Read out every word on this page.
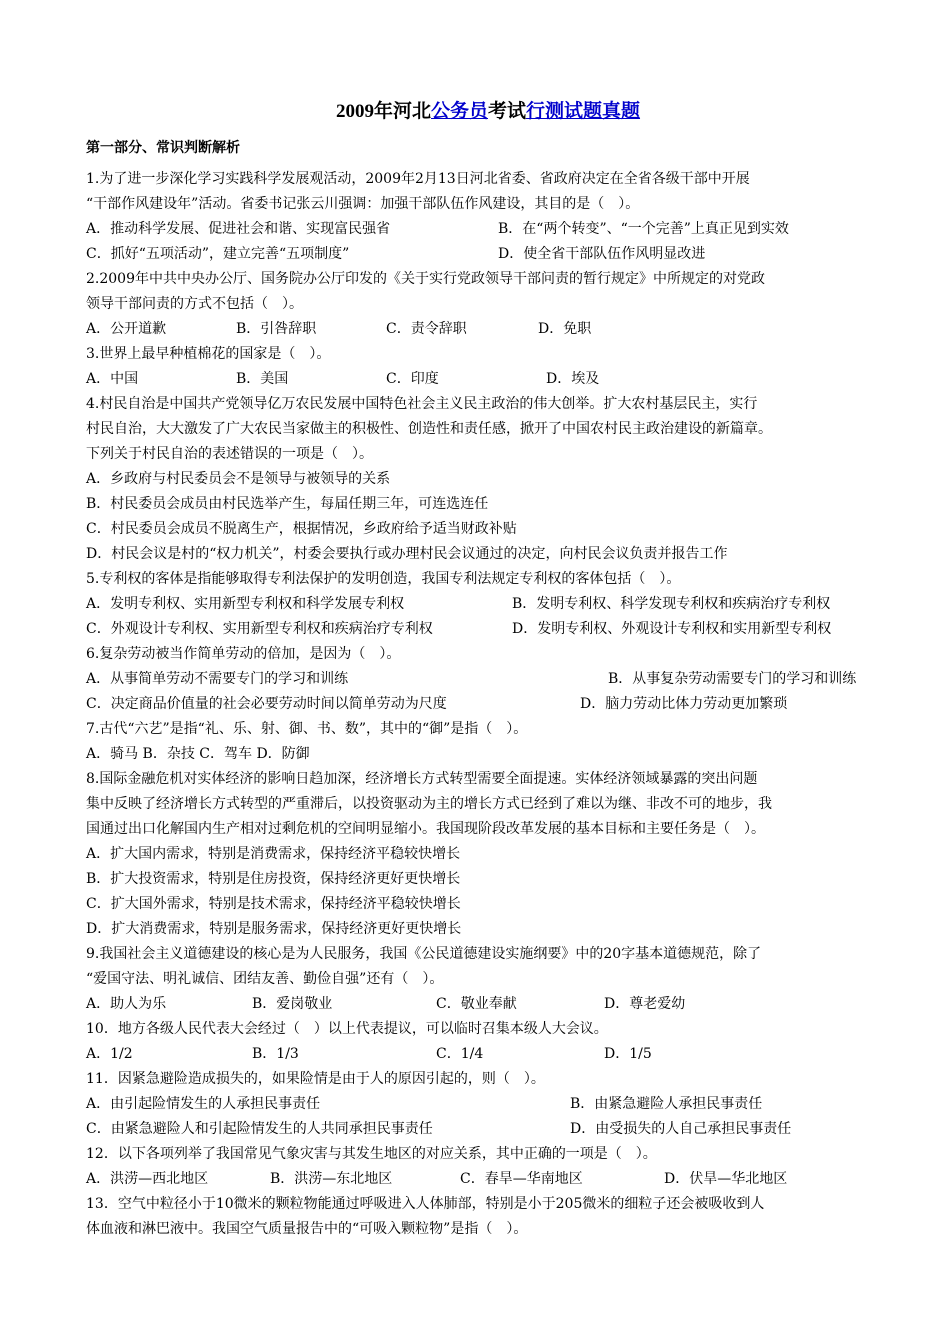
2009年河北公务员考试行测试题真题
第一部分、常识判断解析
1.为了进一步深化学习实践科学发展观活动，2009年2月13日河北省委、省政府决定在全省各级干部中开展
“干部作风建设年”活动。省委书记张云川强调：加强干部队伍作风建设，其目的是（　）。
A．推动科学发展、促进社会和谐、实现富民强省	B．在“两个转变”、“一个完善”上真正见到实效
C．抓好“五项活动”，建立完善“五项制度”	D．使全省干部队伍作风明显改进
2.2009年中共中央办公厅、国务院办公厅印发的《关于实行党政领导干部问责的暂行规定》中所规定的对党政
领导干部问责的方式不包括（　）。
A．公开道歉	B．引咎辞职	C．责令辞职	D．免职
3.世界上最早种植棉花的国家是（　）。
A．中国	B．美国	C．印度	D．埃及
4.村民自治是中国共产党领导亿万农民发展中国特色社会主义民主政治的伟大创举。扩大农村基层民主，实行
村民自治，大大激发了广大农民当家做主的积极性、创造性和责任感，掀开了中国农村民主政治建设的新篇章。
下列关于村民自治的表述错误的一项是（　）。
A．乡政府与村民委员会不是领导与被领导的关系
B．村民委员会成员由村民选举产生，每届任期三年，可连选连任
C．村民委员会成员不脱离生产，根据情况，乡政府给予适当财政补贴
D．村民会议是村的“权力机关”，村委会要执行或办理村民会议通过的决定，向村民会议负责并报告工作
5.专利权的客体是指能够取得专利法保护的发明创造，我国专利法规定专利权的客体包括（　）。
A．发明专利权、实用新型专利权和科学发展专利权	B．发明专利权、科学发现专利权和疾病治疗专利权
C．外观设计专利权、实用新型专利权和疾病治疗专利权	D．发明专利权、外观设计专利权和实用新型专利权
6.复杂劳动被当作简单劳动的倍加，是因为（　）。
A．从事简单劳动不需要专门的学习和训练	B．从事复杂劳动需要专门的学习和训练
C．决定商品价值量的社会必要劳动时间以简单劳动为尺度	D．脑力劳动比体力劳动更加繁琐
7.古代“六艺”是指“礼、乐、射、御、书、数”，其中的“御”是指（　）。
A．骑马 B．杂技 C．驾车 D．防御
8.国际金融危机对实体经济的影响日趋加深，经济增长方式转型需要全面提速。实体经济领域暴露的突出问题
集中反映了经济增长方式转型的严重滞后，以投资驱动为主的增长方式已经到了难以为继、非改不可的地步，我
国通过出口化解国内生产相对过剩危机的空间明显缩小。我国现阶段改革发展的基本目标和主要任务是（　）。
A．扩大国内需求，特别是消费需求，保持经济平稳较快增长
B．扩大投资需求，特别是住房投资，保持经济更好更快增长
C．扩大国外需求，特别是技术需求，保持经济平稳较快增长
D．扩大消费需求，特别是服务需求，保持经济更好更快增长
9.我国社会主义道德建设的核心是为人民服务，我国《公民道德建设实施纲要》中的20字基本道德规范，除了
“爱国守法、明礼诚信、团结友善、勤俭自强”还有（　）。
A．助人为乐	B．爱岗敬业	C．敬业奉献	D．尊老爱幼
10．地方各级人民代表大会经过（　）以上代表提议，可以临时召集本级人大会议。
A．1/2	B．1/3	C．1/4	D．1/5
11．因紧急避险造成损失的，如果险情是由于人的原因引起的，则（　）。
A．由引起险情发生的人承担民事责任	B．由紧急避险人承担民事责任
C．由紧急避险人和引起险情发生的人共同承担民事责任	D．由受损失的人自己承担民事责任
12．以下各项列举了我国常见气象灾害与其发生地区的对应关系，其中正确的一项是（　）。
A．洪涝—西北地区	B．洪涝—东北地区	C．春旱—华南地区	D．伏旱—华北地区
13．空气中粒径小于10微米的颗粒物能通过呼吸进入人体肺部，特别是小于205微米的细粒子还会被吸收到人
体血液和淋巴液中。我国空气质量报告中的“可吸入颗粒物”是指（　）。
